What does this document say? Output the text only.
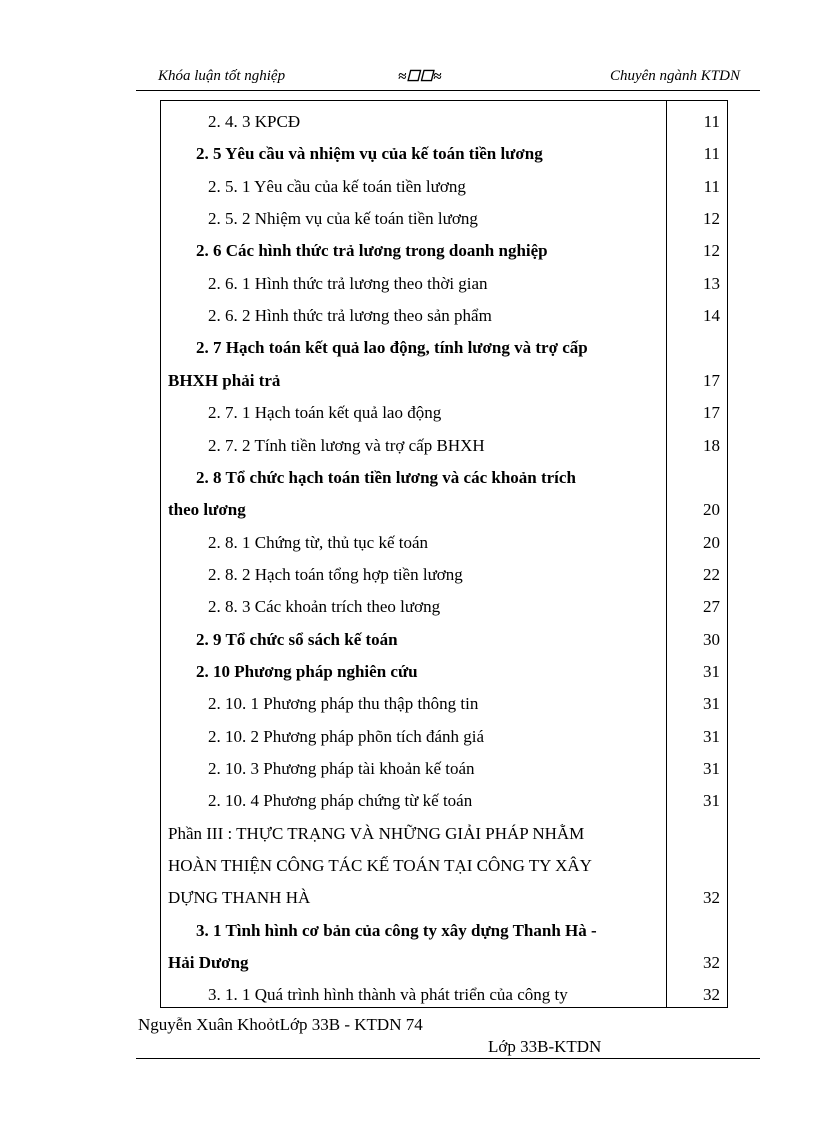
Khóa luận tốt nghiệp	≈☐☐≈	Chuyên ngành KTDN
2. 4. 3 KPCĐ	11
2. 5 Yêu cầu và nhiệm vụ của kế toán tiền lương	11
2. 5. 1 Yêu cầu của kế toán tiền lương	11
2. 5. 2 Nhiệm vụ của kế toán tiền lương	12
2. 6 Các hình thức trả lương trong doanh nghiệp	12
2. 6. 1 Hình thức trả lương theo thời gian	13
2. 6. 2 Hình thức trả lương theo sản phẩm	14
2. 7 Hạch toán kết quả lao động, tính lương và trợ cấp
BHXH phải trả	17
2. 7. 1 Hạch toán kết quả lao động	17
2. 7. 2 Tính tiền lương và trợ cấp BHXH	18
2. 8 Tổ chức hạch toán tiền lương và các khoản trích
theo lương	20
2. 8. 1 Chứng từ, thủ tục kế toán	20
2. 8. 2 Hạch toán tổng hợp tiền lương	22
2. 8. 3 Các khoản trích theo lương	27
2. 9 Tổ chức sổ sách kế toán	30
2. 10 Phương pháp nghiên cứu	31
2. 10. 1 Phương pháp thu thập thông tin	31
2. 10. 2 Phương pháp phõn tích đánh giá	31
2. 10. 3 Phương pháp tài khoản kế toán	31
2. 10. 4 Phương pháp chứng từ kế toán	31
Phần III : THỰC TRẠNG VÀ NHỮNG GIẢI PHÁP NHẰM
HOÀN THIỆN CÔNG TÁC KẾ TOÁN TẠI CÔNG TY XÂY
DỰNG THANH HÀ	32
3. 1 Tình hình cơ bản của công ty xây dựng Thanh Hà -
Hải Dương	32
3. 1. 1 Quá trình hình thành và phát triển của công ty	32
Nguyễn Xuân KhoỏtLớp 33B - KTDN 74
Lớp 33B-KTDN
